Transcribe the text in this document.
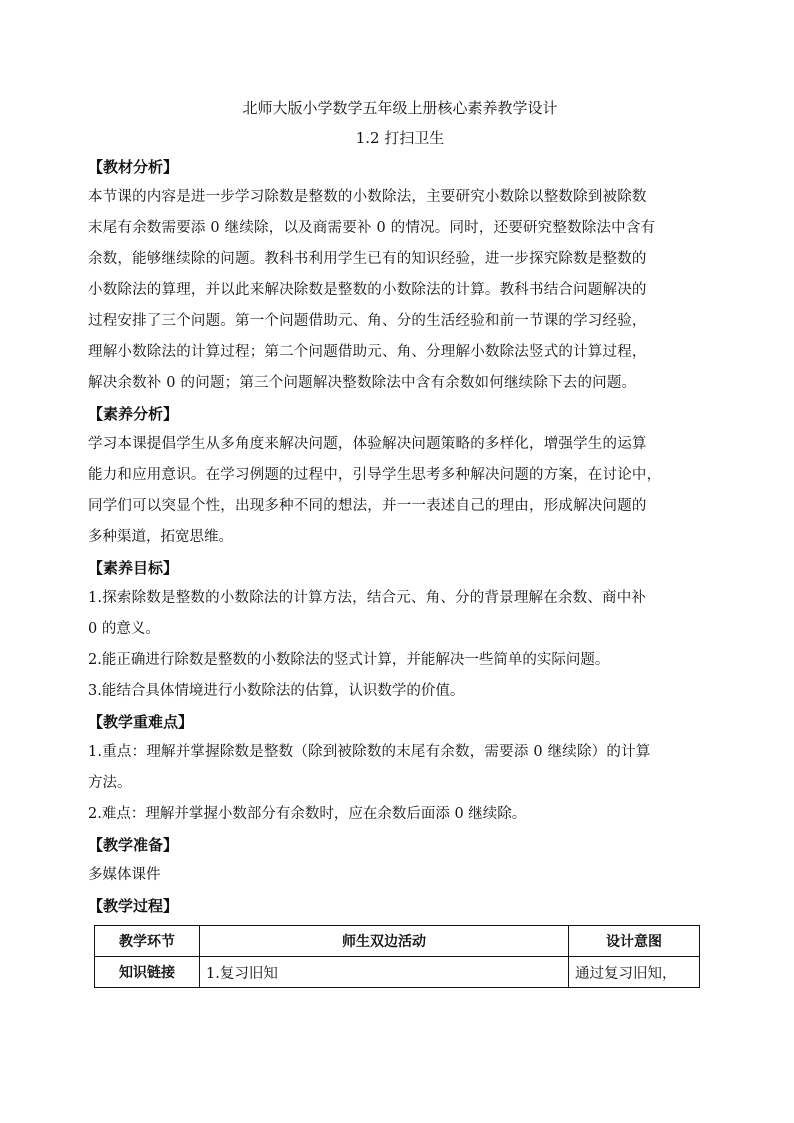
北师大版小学数学五年级上册核心素养教学设计
1.2 打扫卫生

【教材分析】

本节课的内容是进一步学习除数是整数的小数除法，主要研究小数除以整数除到被除数

末尾有余数需要添 0 继续除，以及商需要补 0 的情况。同时，还要研究整数除法中含有

余数，能够继续除的问题。教科书利用学生已有的知识经验，进一步探究除数是整数的

小数除法的算理，并以此来解决除数是整数的小数除法的计算。教科书结合问题解决的

过程安排了三个问题。第一个问题借助元、角、分的生活经验和前一节课的学习经验，

理解小数除法的计算过程；第二个问题借助元、角、分理解小数除法竖式的计算过程，

解决余数补 0 的问题；第三个问题解决整数除法中含有余数如何继续除下去的问题。

【素养分析】

学习本课提倡学生从多角度来解决问题，体验解决问题策略的多样化，增强学生的运算

能力和应用意识。在学习例题的过程中，引导学生思考多种解决问题的方案，在讨论中，

同学们可以突显个性，出现多种不同的想法，并一一表述自己的理由，形成解决问题的

多种渠道，拓宽思维。

【素养目标】

1.探索除数是整数的小数除法的计算方法，结合元、角、分的背景理解在余数、商中补

0 的意义。

2.能正确进行除数是整数的小数除法的竖式计算，并能解决一些简单的实际问题。

3.能结合具体情境进行小数除法的估算，认识数学的价值。

【教学重难点】

1.重点：理解并掌握除数是整数（除到被除数的末尾有余数，需要添 0 继续除）的计算

方法。

2.难点：理解并掌握小数部分有余数时，应在余数后面添 0 继续除。

【教学准备】

多媒体课件

【教学过程】

教学环节	师生双边活动	设计意图
知识链接	1.复习旧知	通过复习旧知，
